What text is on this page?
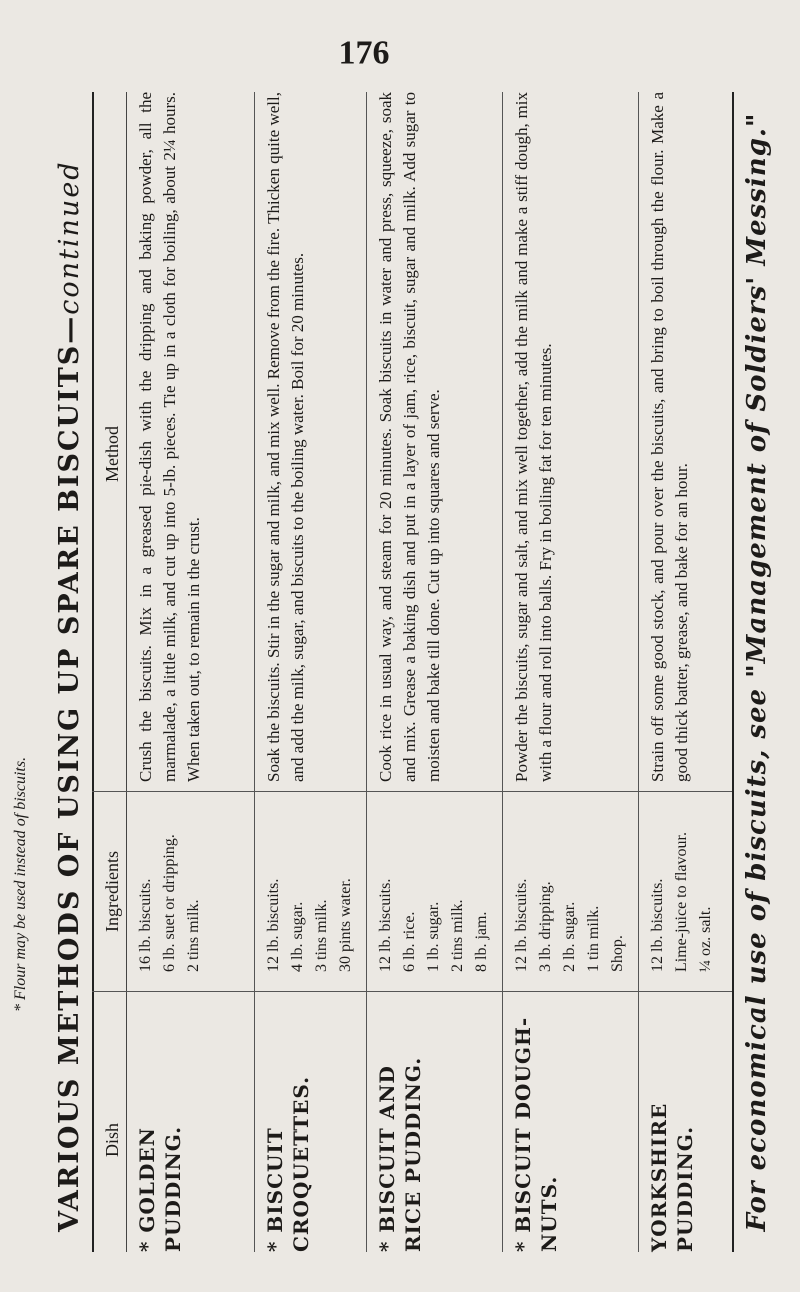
176
VARIOUS METHODS OF USING UP SPARE BISCUITS—continued
Dish
Ingredients
Method
* GOLDEN PUDDING.
16 lb. biscuits. 6 lb. suet or dripping. 2 tins milk.
Crush the biscuits. Mix in a greased pie-dish with the dripping and baking powder, all the marmalade, a little milk, and cut up into 5-lb. pieces. Tie up in a cloth for boiling, about 2¼ hours. When taken out, to remain in the crust.
* BISCUIT CROQUETTES.
12 lb. biscuits. 4 lb. sugar. 3 tins milk. 30 pints water.
Soak the biscuits. Stir in the sugar and milk, and mix well. Remove from the fire. Thicken quite well, and add the milk, sugar, and biscuits to the boiling water. Boil for 20 minutes.
* BISCUIT AND RICE PUDDING.
12 lb. biscuits. 6 lb. rice. 1 lb. sugar. 2 tins milk. 8 lb. jam.
Cook rice in usual way, and steam for 20 minutes. Soak biscuits in water and press, squeeze, soak and mix. Grease a baking dish and put in a layer of jam, rice, biscuit, sugar and milk. Add sugar to moisten and bake till done. Cut up into squares and serve.
* BISCUIT DOUGH-NUTS.
12 lb. biscuits. 3 lb. dripping. 2 lb. sugar. 1 tin milk. Shop.
Powder the biscuits, sugar and salt, and mix well together, add the milk and make a stiff dough, mix with a flour and roll into balls. Fry in boiling fat for ten minutes.
YORKSHIRE PUDDING.
12 lb. biscuits. Lime-juice to flavour. ¼ oz. salt.
Strain off some good stock, and pour over the biscuits, and bring to boil through the flour. Make a good thick batter, grease, and bake for an hour. For economical use of biscuits, see "Management of Soldiers' Messing."
* Flour may be used instead of biscuits.
